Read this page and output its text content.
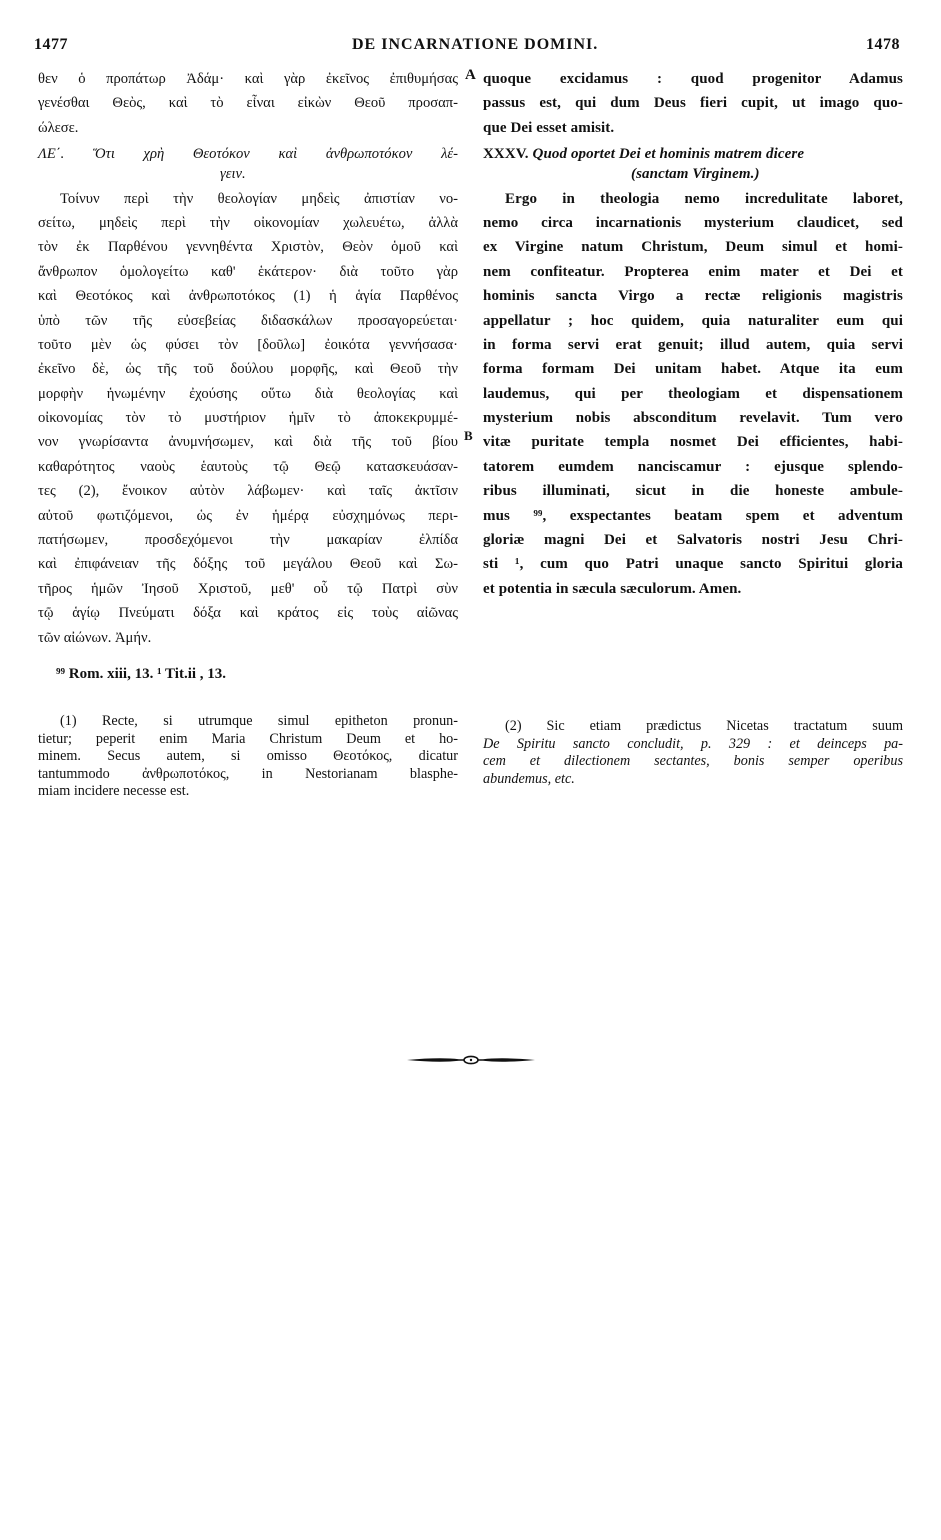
1477	DE INCARNATIONE DOMINI.	1478
θεν ὁ προπάτωρ Ἀδάμ· καὶ γὰρ ἐκεῖνος ἐπιθυμήσας
γενέσθαι Θεὸς, καὶ τὸ εἶναι εἰκὼν Θεοῦ προσαπ-
ώλεσε.
ΛΕ΄. Ὅτι χρὴ Θεοτόκον καὶ ἀνθρωποτόκον λέ-
γειν.
Τοίνυν περὶ τὴν θεολογίαν μηδεὶς ἀπιστίαν νο-
σείτω, μηδεὶς περὶ τὴν οἰκονομίαν χωλευέτω, ἀλλὰ
τὸν ἐκ Παρθένου γεννηθέντα Χριστὸν, Θεὸν ὁμοῦ καὶ
ἄνθρωπον ὁμολογείτω καθ' ἑκάτερον· διὰ τοῦτο γὰρ
καὶ Θεοτόκος καὶ ἀνθρωποτόκος (1) ἡ ἁγία Παρθένος
ὑπὸ τῶν τῆς εὐσεβείας διδασκάλων προσαγορεύεται·
τοῦτο μὲν ὡς φύσει τὸν [δοῦλω] ἐοικότα γεννήσασα·
ἐκεῖνο δὲ, ὡς τῆς τοῦ δούλου μορφῆς, καὶ Θεοῦ τὴν
μορφὴν ἡνωμένην ἐχούσης οὕτω διὰ θεολογίας καὶ
οἰκονομίας τὸν τὸ μυστήριον ἡμῖν τὸ ἀποκεκρυμμέ-
νον γνωρίσαντα ἀνυμνήσωμεν, καὶ διὰ τῆς τοῦ βίου
καθαρότητος ναοὺς ἑαυτοὺς τῷ Θεῷ κατασκευάσαν-
τες (2), ἔνοικον αὐτὸν λάβωμεν· καὶ ταῖς ἀκτῖσιν
αὐτοῦ φωτιζόμενοι, ὡς ἐν ἡμέρᾳ εὐσχημόνως περι-
πατήσωμεν, προσδεχόμενοι τὴν μακαρίαν ἐλπίδα
καὶ ἐπιφάνειαν τῆς δόξης τοῦ μεγάλου Θεοῦ καὶ Σω-
τῆρος ἡμῶν Ἰησοῦ Χριστοῦ, μεθ' οὗ τῷ Πατρὶ σὺν
τῷ ἁγίῳ Πνεύματι δόξα καὶ κράτος εἰς τοὺς αἰῶνας
τῶν αἰώνων. Ἀμήν.
A
B
quoque excidamus : quod progenitor Adamus
passus est, qui dum Deus fieri cupit, ut imago quo-
que Dei esset amisit.
XXXV. Quod oportet Dei et hominis matrem dicere
(sanctam Virginem.)
Ergo in theologia nemo incredulitate laboret,
nemo circa incarnationis mysterium claudicet, sed
ex Virgine natum Christum, Deum simul et homi-
nem confiteatur. Propterea enim mater et Dei et
hominis sancta Virgo a rectæ religionis magistris
appellatur ; hoc quidem, quia naturaliter eum qui
in forma servi erat genuit; illud autem, quia servi
forma formam Dei unitam habet. Atque ita eum
laudemus, qui per theologiam et dispensationem
mysterium nobis absconditum revelavit. Tum vero
vitæ puritate templa nosmet Dei efficientes, habi-
tatorem eumdem nanciscamur : ejusque splendo-
ribus illuminati, sicut in die honeste ambule-
mus ⁹⁹, exspectantes beatam spem et adventum
gloriæ magni Dei et Salvatoris nostri Jesu Chri-
sti ¹, cum quo Patri unaque sancto Spiritui gloria
et potentia in sæcula sæculorum. Amen.
⁹⁹ Rom. xiii, 13. ¹ Tit.ii , 13.
(1) Recte, si utrumque simul epitheton pronun-
tietur; peperit enim Maria Christum Deum et ho-
minem. Secus autem, si omisso Θεοτόκος, dicatur
tantummodo ἀνθρωποτόκος, in Nestorianam blasphe-
miam incidere necesse est.
(2) Sic etiam prædictus Nicetas tractatum suum
De Spiritu sancto concludit, p. 329 : et deinceps pa-
cem et dilectionem sectantes, bonis semper operibus
abundemus, etc.
